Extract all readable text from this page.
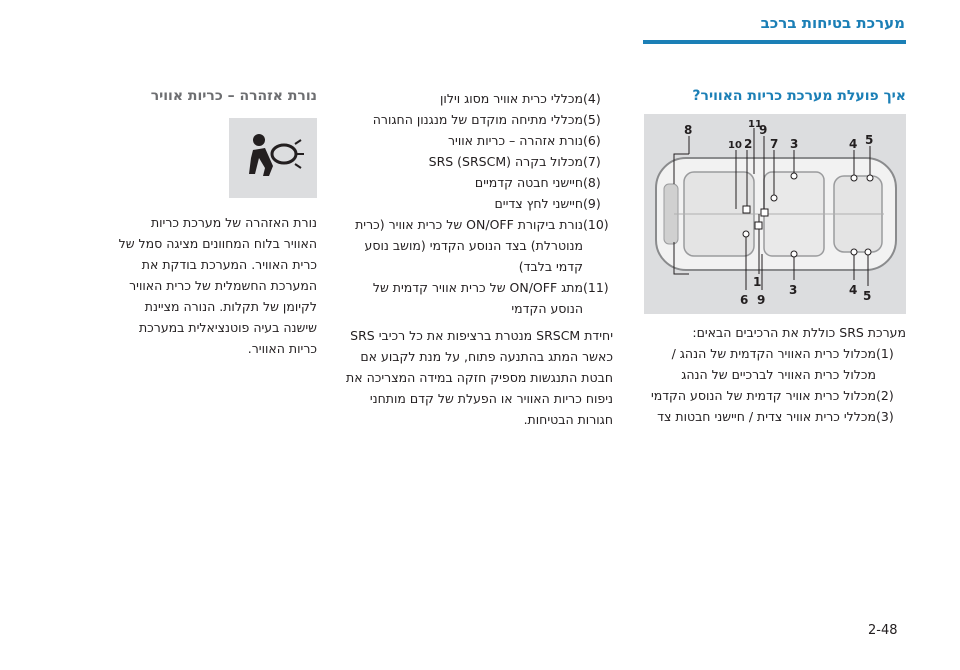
מערכת בטיחות ברכב
איך פועלת מערכת כריות האוויר?
8	11
2
9
7 3	4 5
10
6 9
1
3	4 5

מערכת SRS כוללת את הרכיבים הבאים:

(1)
מכלול כרית האוויר הקדמית של הנהג / מכלול כרית האוויר לברכיים של הנהג
(2)
מכלול כרית אוויר קדמית של הנוסע הקדמי
(3)
מכללי כרית אוויר צדית / חיישני חבטות צד
(4)
מכללי כרית אוויר מסוג וילון
(5)
מכללי מתיחה מוקדם של מנגנון החגורה
(6)
נורת אזהרה – כריות אוויר
(7)
מכלול בקרה SRS (SRSCM)
(8)
חיישני חבטה קדמיים
(9)
חיישני לחץ צדיים
(10)
נורת ביקורת ON/OFF של כרית אוויר (כרית מנוטרלת) בצד הנוסע הקדמי (מושב נוסע קדמי בלבד)
(11)
מתג ON/OFF של כרית אוויר קדמית של הנוסע הקדמי

יחידת SRSCM מנטרת ברציפות את כל רכיבי SRS כאשר המתג בהתנעה פתוח, על מנת לקבוע אם חבטת התנגשות מספיק חזקה במידה המצריכה את ניפוח כריות האוויר או הפעלת של קדם מותחני חגורות הבטיחות.

נורת אזהרה – כריות אוויר

נורת האזהרה של מערכת כריות האוויר בלוח המחוונים מציגה סמל של כרית האוויר. המערכת בודקת את המערכת החשמלית של כרית האוויר לקיומן של תקלות. הנורה מציינת שישנה בעיה פוטנציאלית במערכת כריות האוויר.

2-48
